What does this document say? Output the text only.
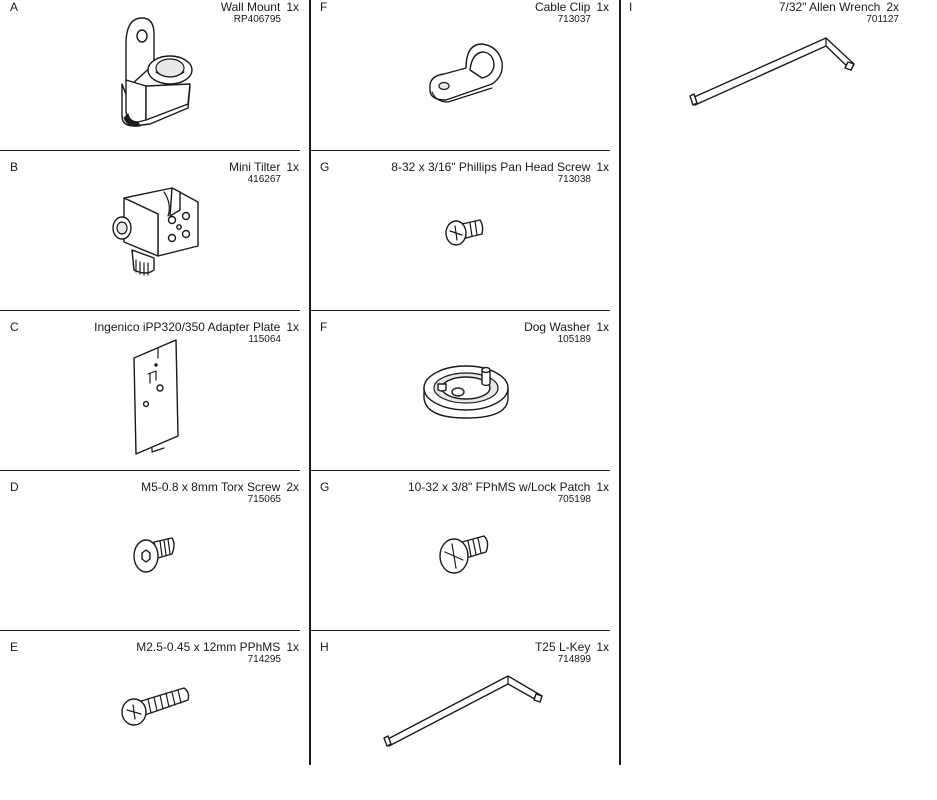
A	Wall Mount 1x
RP406795
B	Mini Tilter 1x
416267
C	Ingenico iPP320/350 Adapter Plate 1x
115064
D	M5-0.8 x 8mm Torx Screw 2x
715065
E	M2.5-0.45 x 12mm PPhMS 1x
714295
F	Cable Clip 1x
713037
G	8-32 x 3/16" Phillips Pan Head Screw 1x
713038
F	Dog Washer 1x
105189
G	10-32 x 3/8" FPhMS w/Lock Patch 1x
705198
H	T25 L-Key 1x
714899
I	7/32" Allen Wrench 2x
701127
